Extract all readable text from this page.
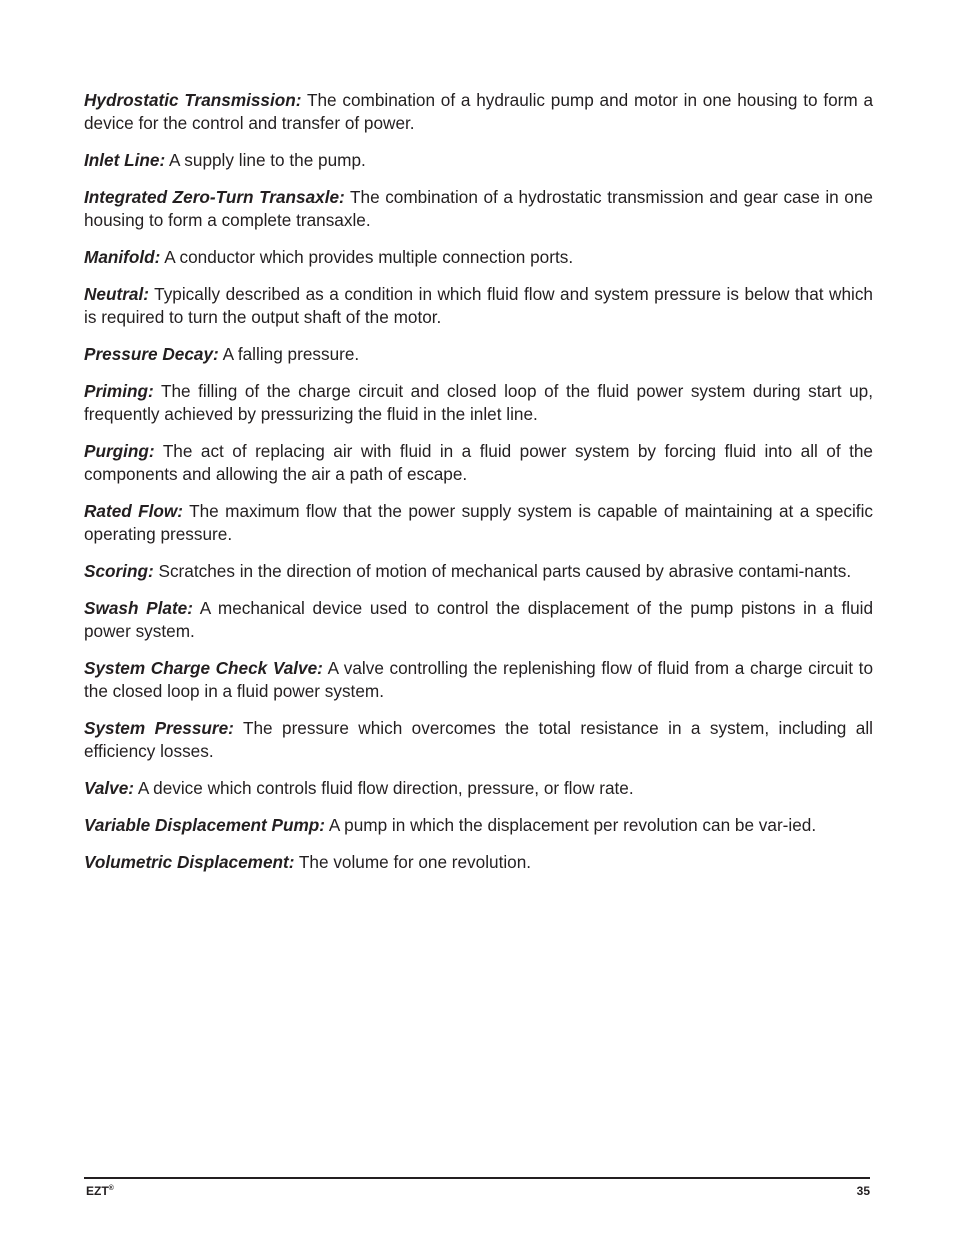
Hydrostatic Transmission: The combination of a hydraulic pump and motor in one housing to form a device for the control and transfer of power.

Inlet Line: A supply line to the pump.

Integrated Zero-Turn Transaxle: The combination of a hydrostatic transmission and gear case in one housing to form a complete transaxle.

Manifold: A conductor which provides multiple connection ports.

Neutral: Typically described as a condition in which fluid flow and system pressure is below that which is required to turn the output shaft of the motor.

Pressure Decay: A falling pressure.

Priming: The filling of the charge circuit and closed loop of the fluid power system during start up, frequently achieved by pressurizing the fluid in the inlet line.

Purging: The act of replacing air with fluid in a fluid power system by forcing fluid into all of the components and allowing the air a path of escape.

Rated Flow: The maximum flow that the power supply system is capable of maintaining at a specific operating pressure.

Scoring: Scratches in the direction of motion of mechanical parts caused by abrasive contami-nants.

Swash Plate: A mechanical device used to control the displacement of the pump pistons in a fluid power system.

System Charge Check Valve: A valve controlling the replenishing flow of fluid from a charge circuit to the closed loop in a fluid power system.

System Pressure: The pressure which overcomes the total resistance in a system, including all efficiency losses.

Valve: A device which controls fluid flow direction, pressure, or flow rate.

Variable Displacement Pump: A pump in which the displacement per revolution can be var-ied.

Volumetric Displacement: The volume for one revolution.

EZT®	35
